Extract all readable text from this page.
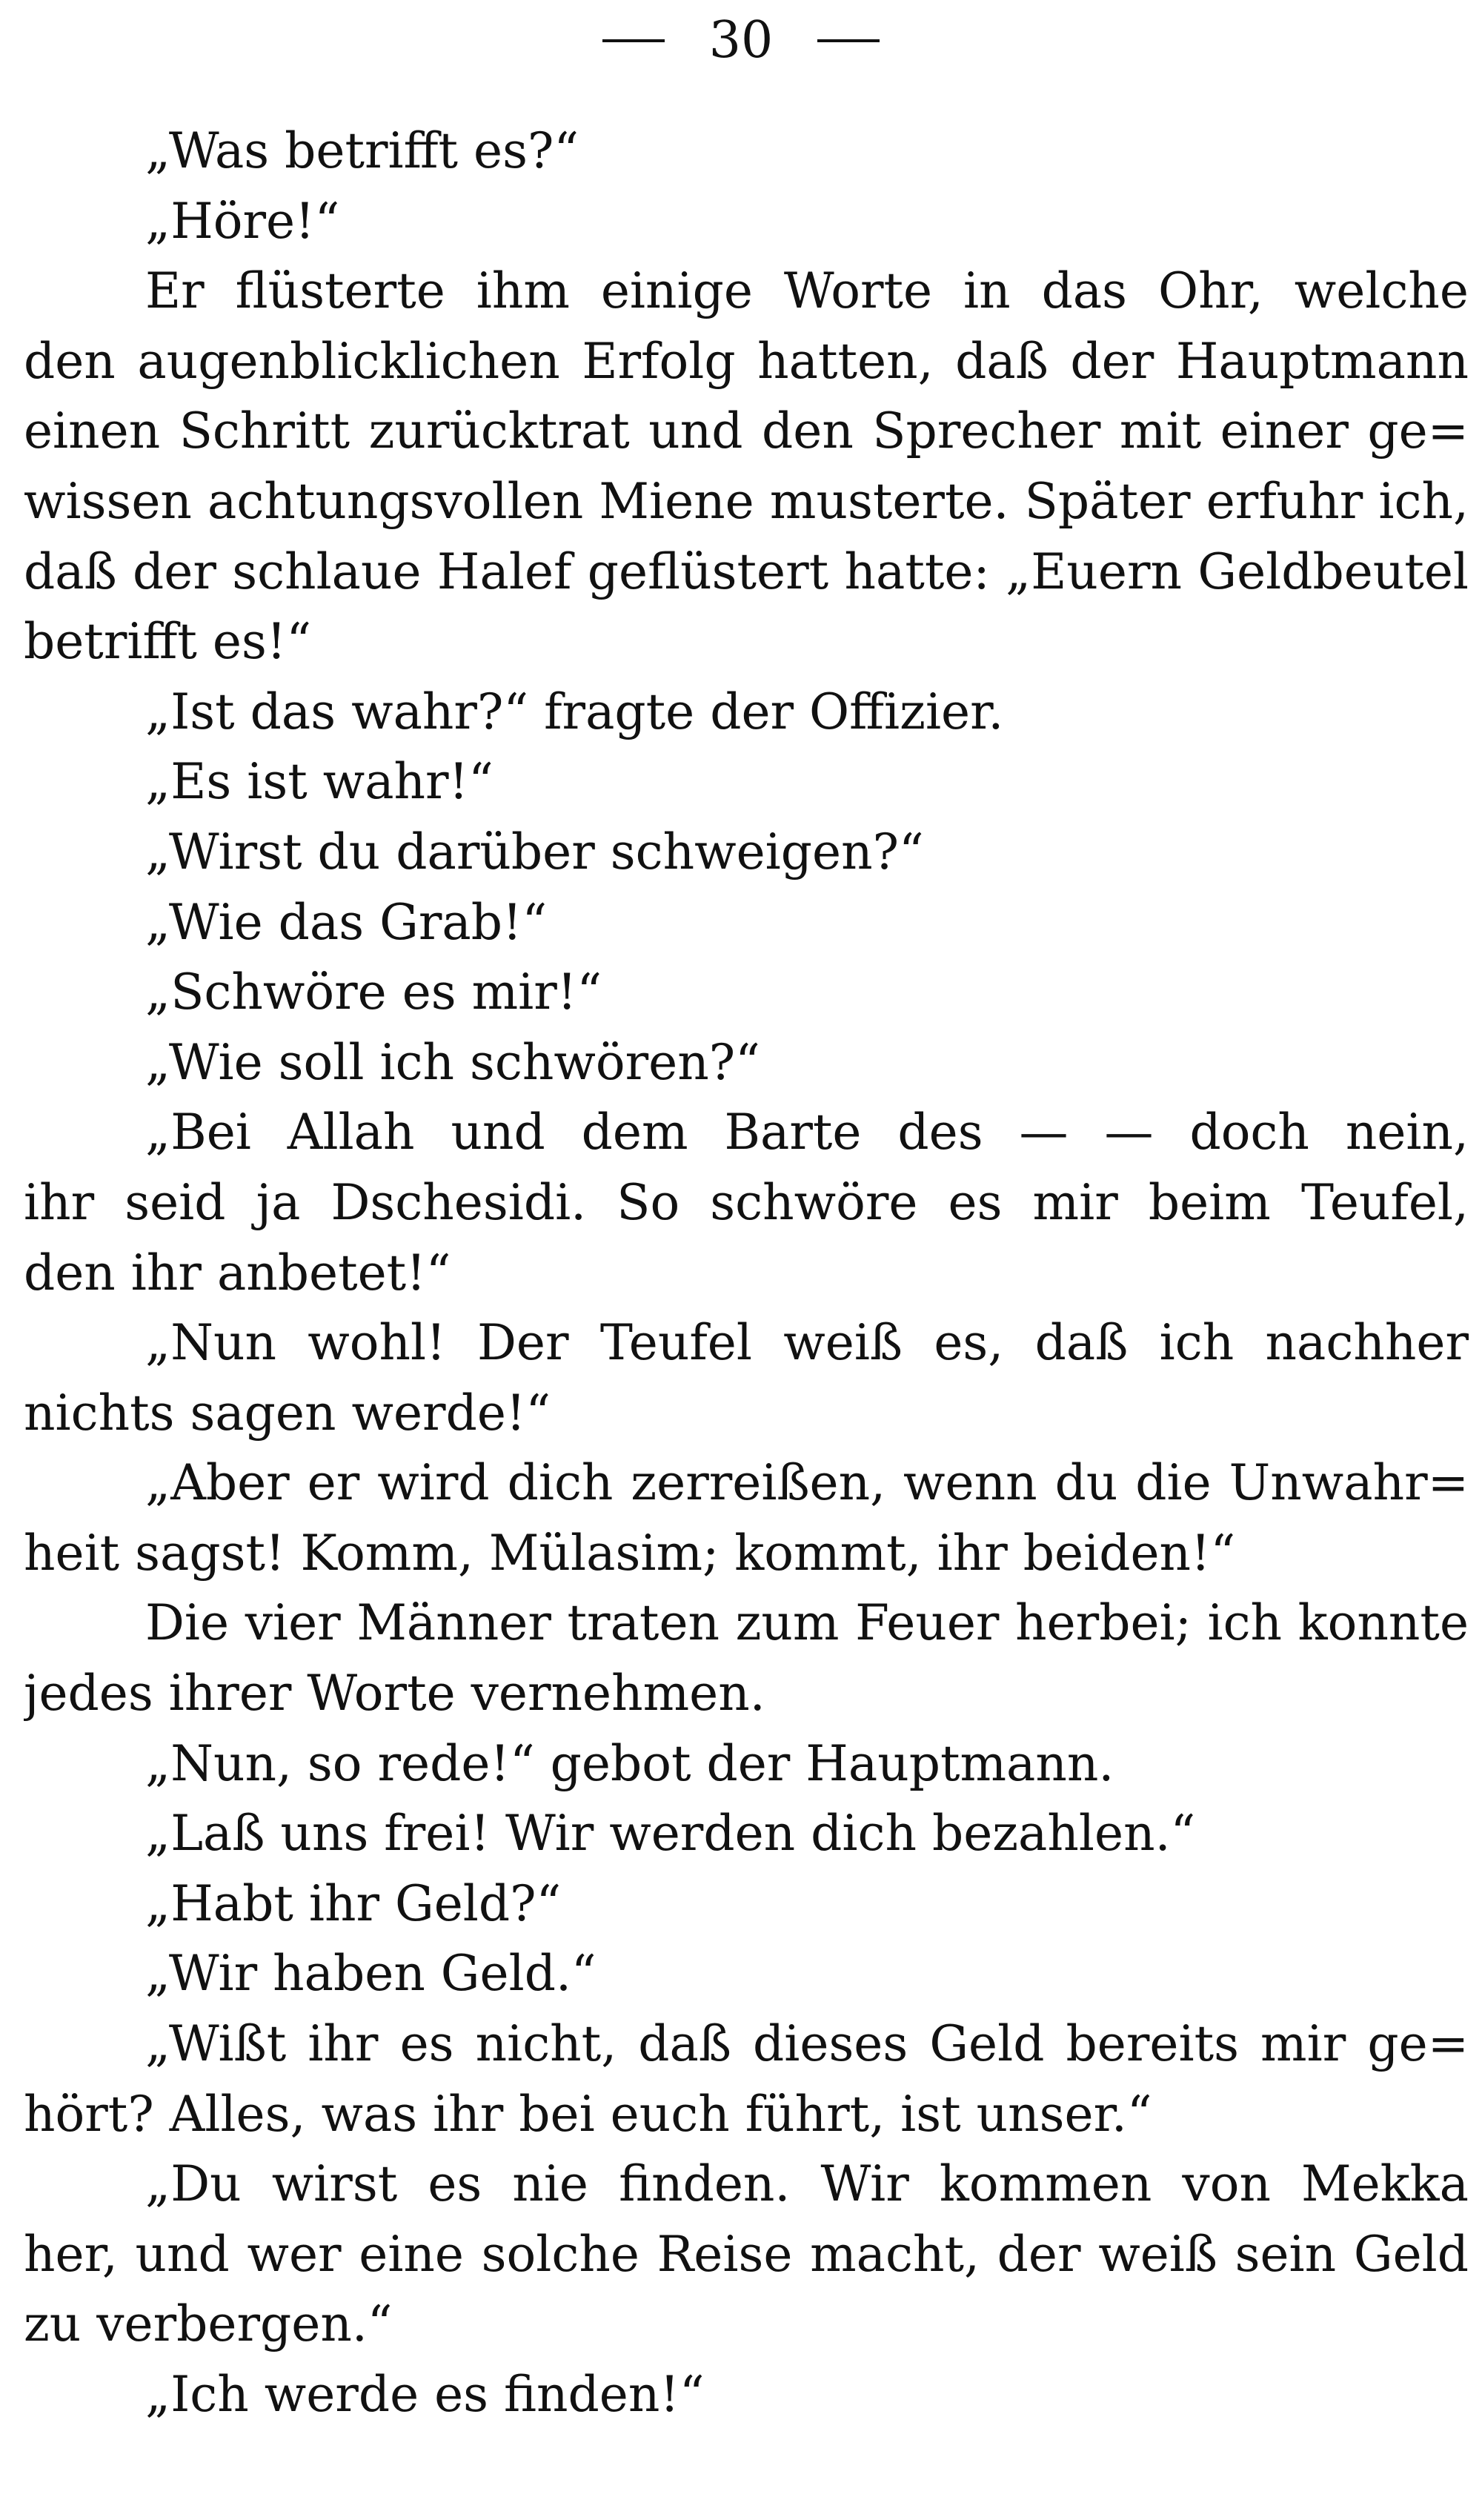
30
„Was betrifft es?“
„Höre!“
Er flüsterte ihm einige Worte in das Ohr, welche
den augenblicklichen Erfolg hatten, daß der Hauptmann
einen Schritt zurücktrat und den Sprecher mit einer ge=
wissen achtungsvollen Miene musterte. Später erfuhr ich,
daß der schlaue Halef geflüstert hatte: „Euern Geldbeutel
betrifft es!“
„Ist das wahr?“ fragte der Offizier.
„Es ist wahr!“
„Wirst du darüber schweigen?“
„Wie das Grab!“
„Schwöre es mir!“
„Wie soll ich schwören?“
„Bei Allah und dem Barte des — — doch nein,
ihr seid ja Dschesidi. So schwöre es mir beim Teufel,
den ihr anbetet!“
„Nun wohl! Der Teufel weiß es, daß ich nachher
nichts sagen werde!“
„Aber er wird dich zerreißen, wenn du die Unwahr=
heit sagst! Komm, Mülasim; kommt, ihr beiden!“
Die vier Männer traten zum Feuer herbei; ich konnte
jedes ihrer Worte vernehmen.
„Nun, so rede!“ gebot der Hauptmann.
„Laß uns frei! Wir werden dich bezahlen.“
„Habt ihr Geld?“
„Wir haben Geld.“
„Wißt ihr es nicht, daß dieses Geld bereits mir ge=
hört? Alles, was ihr bei euch führt, ist unser.“
„Du wirst es nie finden. Wir kommen von Mekka
her, und wer eine solche Reise macht, der weiß sein Geld
zu verbergen.“
„Ich werde es finden!“
